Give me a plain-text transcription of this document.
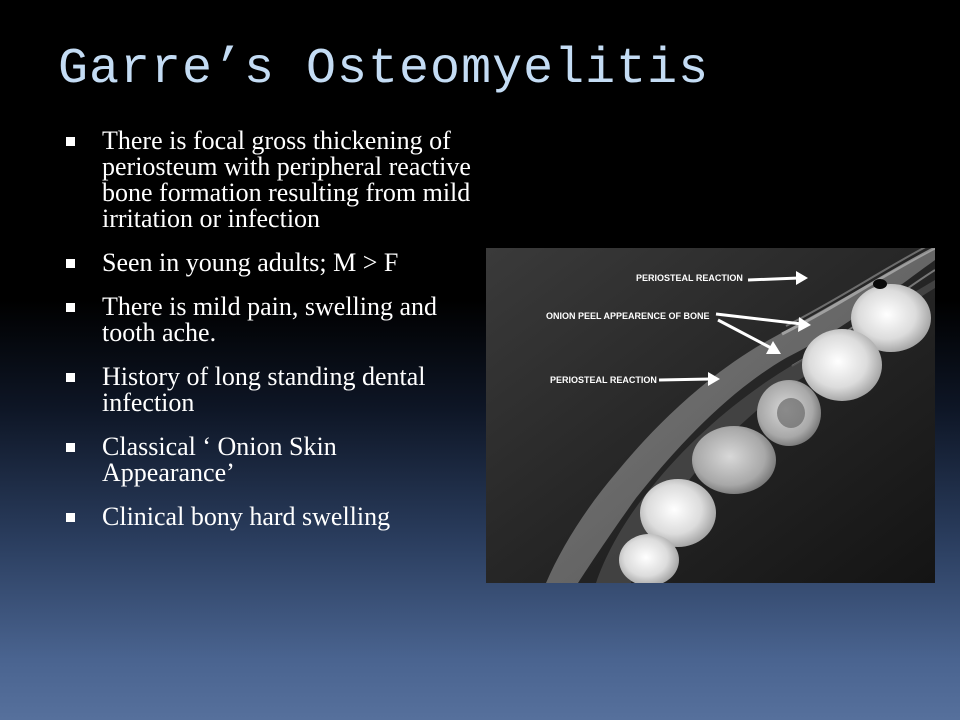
Garre’s Osteomyelitis
There is focal gross thickening of periosteum with peripheral reactive bone formation resulting from mild irritation or infection
Seen in young adults; M > F
There is mild pain, swelling and tooth ache.
History of long standing dental infection
Classical ‘ Onion Skin Appearance’
Clinical bony hard swelling
PERIOSTEAL REACTION
ONION PEEL APPEARENCE OF BONE
PERIOSTEAL REACTION
